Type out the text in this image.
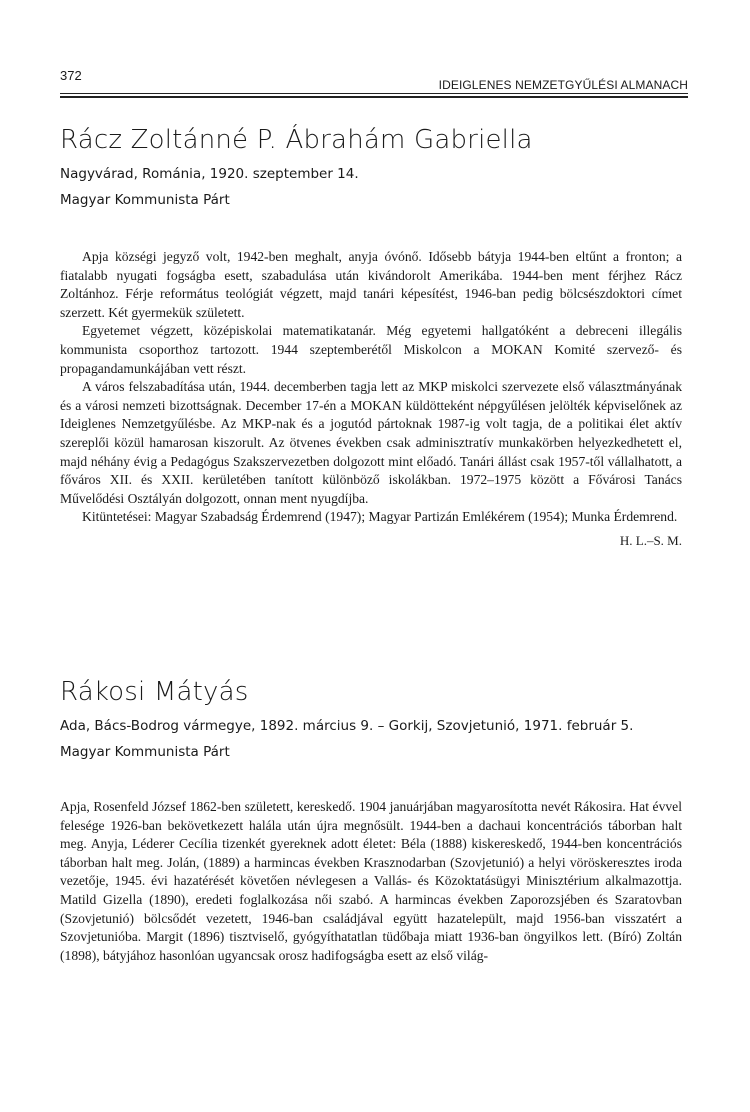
372
IDEIGLENES NEMZETGYŰLÉSI ALMANACH
Rácz Zoltánné P. Ábrahám Gabriella
Nagyvárad, Románia, 1920. szeptember 14.
Magyar Kommunista Párt

Apja községi jegyző volt, 1942-ben meghalt, anyja óvónő. Idősebb bátyja 1944-ben eltűnt a fronton; a fiatalabb nyugati fogságba esett, szabadulása után kivándorolt Amerikába. 1944-ben ment férjhez Rácz Zoltánhoz. Férje református teológiát végzett, majd tanári képesítést, 1946-ban pedig bölcsészdoktori címet szerzett. Két gyermekük született.

Egyetemet végzett, középiskolai matematikatanár. Még egyetemi hallgatóként a debreceni illegális kommunista csoporthoz tartozott. 1944 szeptemberétől Miskolcon a MOKAN Komité szervező- és propagandamunkájában vett részt.

A város felszabadítása után, 1944. decemberben tagja lett az MKP miskolci szervezete első választmányának és a városi nemzeti bizottságnak. December 17-én a MOKAN küldötteként népgyűlésen jelölték képviselőnek az Ideiglenes Nemzetgyűlésbe. Az MKP-nak és a jogutód pártoknak 1987-ig volt tagja, de a politikai élet aktív szereplői közül hamarosan kiszorult. Az ötvenes években csak adminisztratív munkakörben helyezkedhetett el, majd néhány évig a Pedagógus Szakszervezetben dolgozott mint előadó. Tanári állást csak 1957-től vállalhatott, a főváros XII. és XXII. kerületében tanított különböző iskolákban. 1972–1975 között a Fővárosi Tanács Művelődési Osztályán dolgozott, onnan ment nyugdíjba.

Kitüntetései: Magyar Szabadság Érdemrend (1947); Magyar Partizán Emlékérem (1954); Munka Érdemrend.

H. L.–S. M.
Rákosi Mátyás
Ada, Bács-Bodrog vármegye, 1892. március 9. – Gorkij, Szovjetunió, 1971. február 5.
Magyar Kommunista Párt

Apja, Rosenfeld József 1862-ben született, kereskedő. 1904 januárjában magyarosította nevét Rákosira. Hat évvel felesége 1926-ban bekövetkezett halála után újra megnősült. 1944-ben a dachaui koncentrációs táborban halt meg. Anyja, Léderer Cecília tizenkét gyereknek adott életet: Béla (1888) kiskereskedő, 1944-ben koncentrációs táborban halt meg. Jolán, (1889) a harmincas években Krasznodarban (Szovjetunió) a helyi vöröskeresztes iroda vezetője, 1945. évi hazatérését követően névlegesen a Vallás- és Közoktatásügyi Minisztérium alkalmazottja. Matild Gizella (1890), eredeti foglalkozása női szabó. A harmincas években Zaporozsjében és Szaratovban (Szovjetunió) bölcsődét vezetett, 1946-ban családjával együtt hazatelepült, majd 1956-ban visszatért a Szovjetunióba. Margit (1896) tisztviselő, gyógyíthatatlan tüdőbaja miatt 1936-ban öngyilkos lett. (Bíró) Zoltán (1898), bátyjához hasonlóan ugyancsak orosz hadifogságba esett az első világ-
